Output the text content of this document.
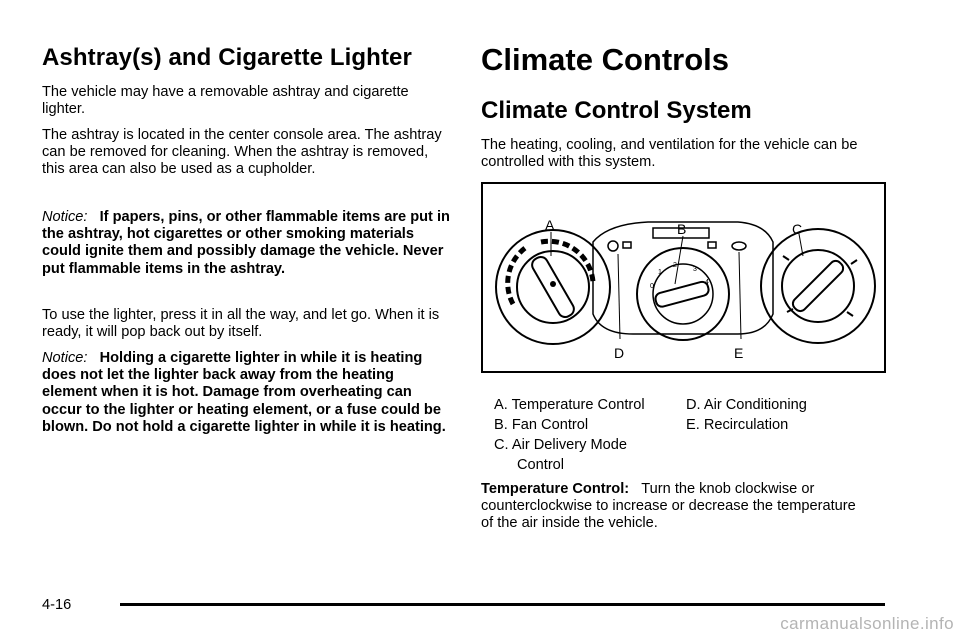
Ashtray(s) and Cigarette Lighter

The vehicle may have a removable ashtray and cigarette lighter.

The ashtray is located in the center console area. The ashtray can be removed for cleaning. When the ashtray is removed, this area can also be used as a cupholder.

Notice: If papers, pins, or other flammable items are put in the ashtray, hot cigarettes or other smoking materials could ignite them and possibly damage the vehicle. Never put flammable items in the ashtray.

To use the lighter, press it in all the way, and let go. When it is ready, it will pop back out by itself.

Notice: Holding a cigarette lighter in while it is heating does not let the lighter back away from the heating element when it is hot. Damage from overheating can occur to the lighter or heating element, or a fuse could be blown. Do not hold a cigarette lighter in while it is heating.

Climate Controls
Climate Control System

The heating, cooling, and ventilation for the vehicle can be controlled with this system.

0
1
2
3
4
A	B	C
D	E
A. Temperature Control
B. Fan Control
C. Air Delivery Mode
Control
D. Air Conditioning
E. Recirculation

Temperature Control: Turn the knob clockwise or counterclockwise to increase or decrease the temperature of the air inside the vehicle.

4-16
carmanualsonline.info
